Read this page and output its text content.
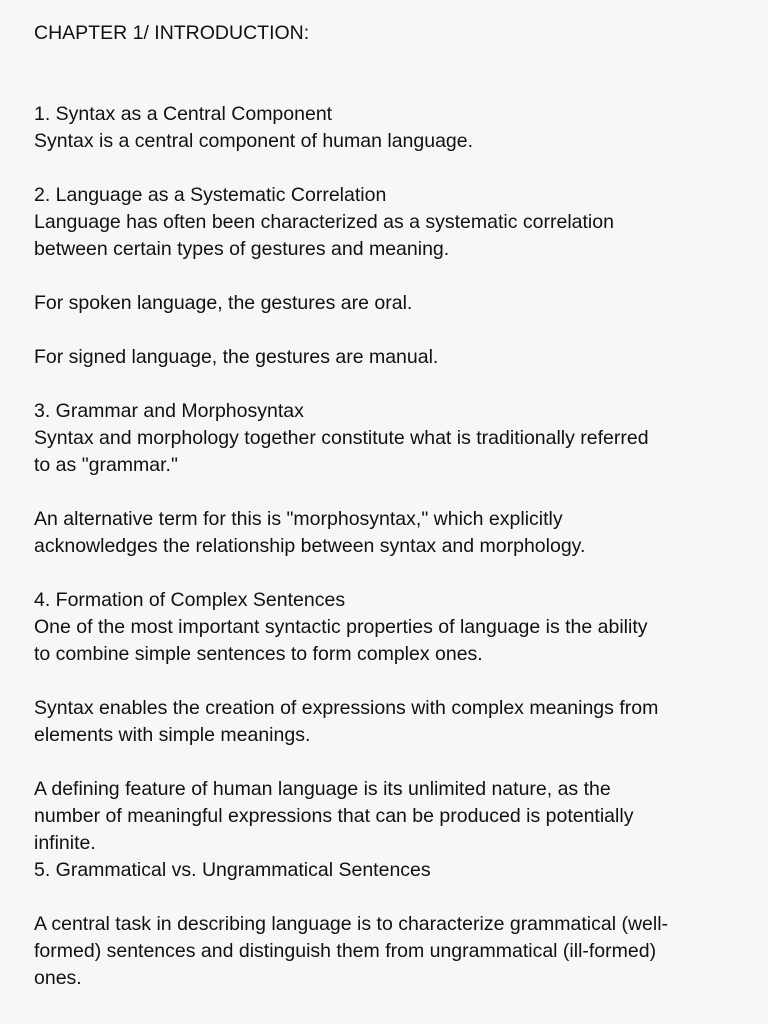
CHAPTER 1/ INTRODUCTION:
1. Syntax as a Central Component
Syntax is a central component of human language.
2. Language as a Systematic Correlation
Language has often been characterized as a systematic correlation
between certain types of gestures and meaning.
For spoken language, the gestures are oral.
For signed language, the gestures are manual.
3. Grammar and Morphosyntax
Syntax and morphology together constitute what is traditionally referred
to as "grammar."
An alternative term for this is "morphosyntax," which explicitly
acknowledges the relationship between syntax and morphology.
4. Formation of Complex Sentences
One of the most important syntactic properties of language is the ability
to combine simple sentences to form complex ones.
Syntax enables the creation of expressions with complex meanings from
elements with simple meanings.
A defining feature of human language is its unlimited nature, as the
number of meaningful expressions that can be produced is potentially
infinite.
5. Grammatical vs. Ungrammatical Sentences
A central task in describing language is to characterize grammatical (well-
formed) sentences and distinguish them from ungrammatical (ill-formed)
ones.
